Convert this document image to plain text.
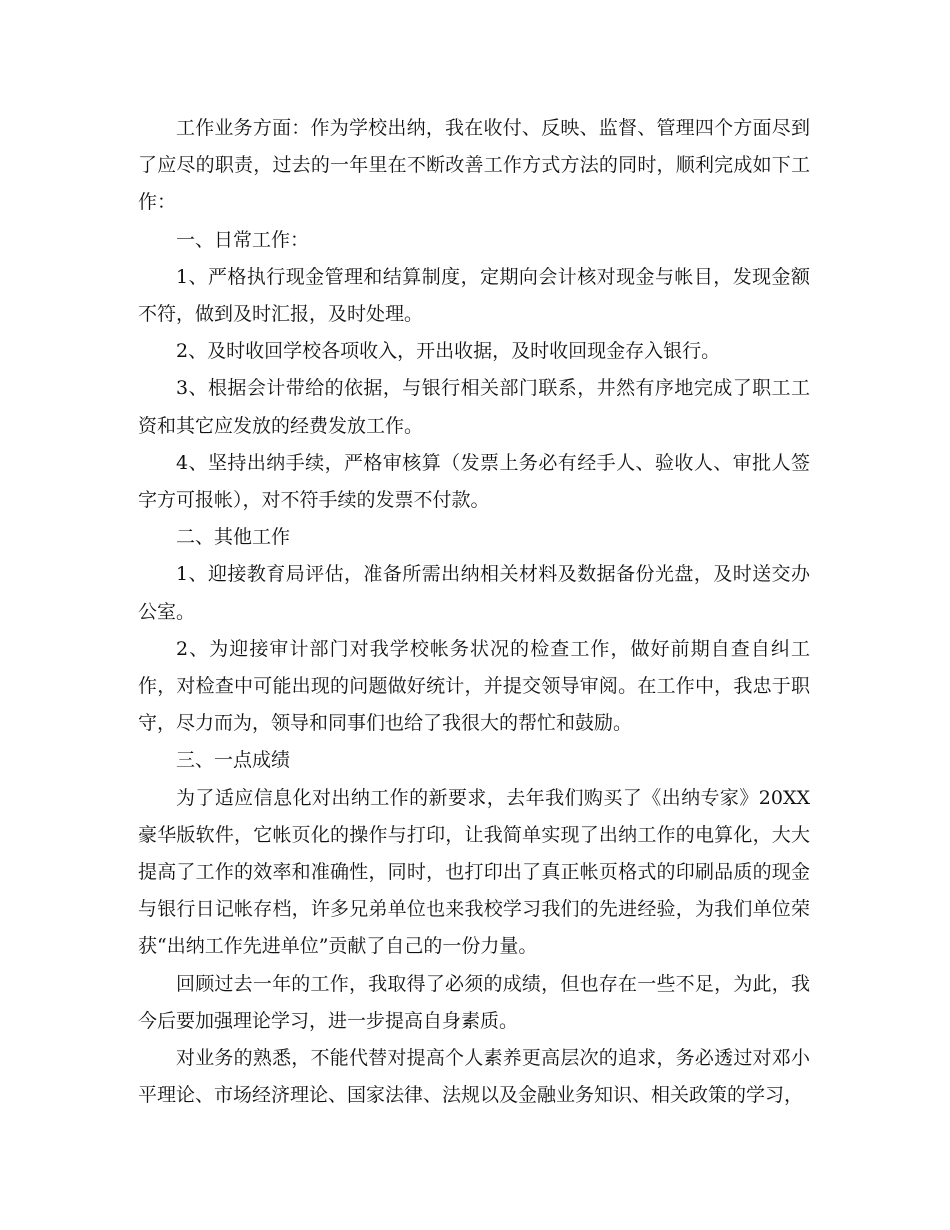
工作业务方面：作为学校出纳，我在收付、反映、监督、管理四个方面尽到了应尽的职责，过去的一年里在不断改善工作方式方法的同时，顺利完成如下工作：

一、日常工作：

1、严格执行现金管理和结算制度，定期向会计核对现金与帐目，发现金额不符，做到及时汇报，及时处理。

2、及时收回学校各项收入，开出收据，及时收回现金存入银行。

3、根据会计带给的依据，与银行相关部门联系，井然有序地完成了职工工资和其它应发放的经费发放工作。

4、坚持出纳手续，严格审核算（发票上务必有经手人、验收人、审批人签字方可报帐），对不符手续的发票不付款。

二、其他工作

1、迎接教育局评估，准备所需出纳相关材料及数据备份光盘，及时送交办公室。

2、为迎接审计部门对我学校帐务状况的检查工作，做好前期自查自纠工作，对检查中可能出现的问题做好统计，并提交领导审阅。在工作中，我忠于职守，尽力而为，领导和同事们也给了我很大的帮忙和鼓励。

三、一点成绩

为了适应信息化对出纳工作的新要求，去年我们购买了《出纳专家》20XX豪华版软件，它帐页化的操作与打印，让我简单实现了出纳工作的电算化，大大提高了工作的效率和准确性，同时，也打印出了真正帐页格式的印刷品质的现金与银行日记帐存档，许多兄弟单位也来我校学习我们的先进经验，为我们单位荣获“出纳工作先进单位”贡献了自己的一份力量。

回顾过去一年的工作，我取得了必须的成绩，但也存在一些不足，为此，我今后要加强理论学习，进一步提高自身素质。

对业务的熟悉，不能代替对提高个人素养更高层次的追求，务必透过对邓小平理论、市场经济理论、国家法律、法规以及金融业务知识、相关政策的学习，
